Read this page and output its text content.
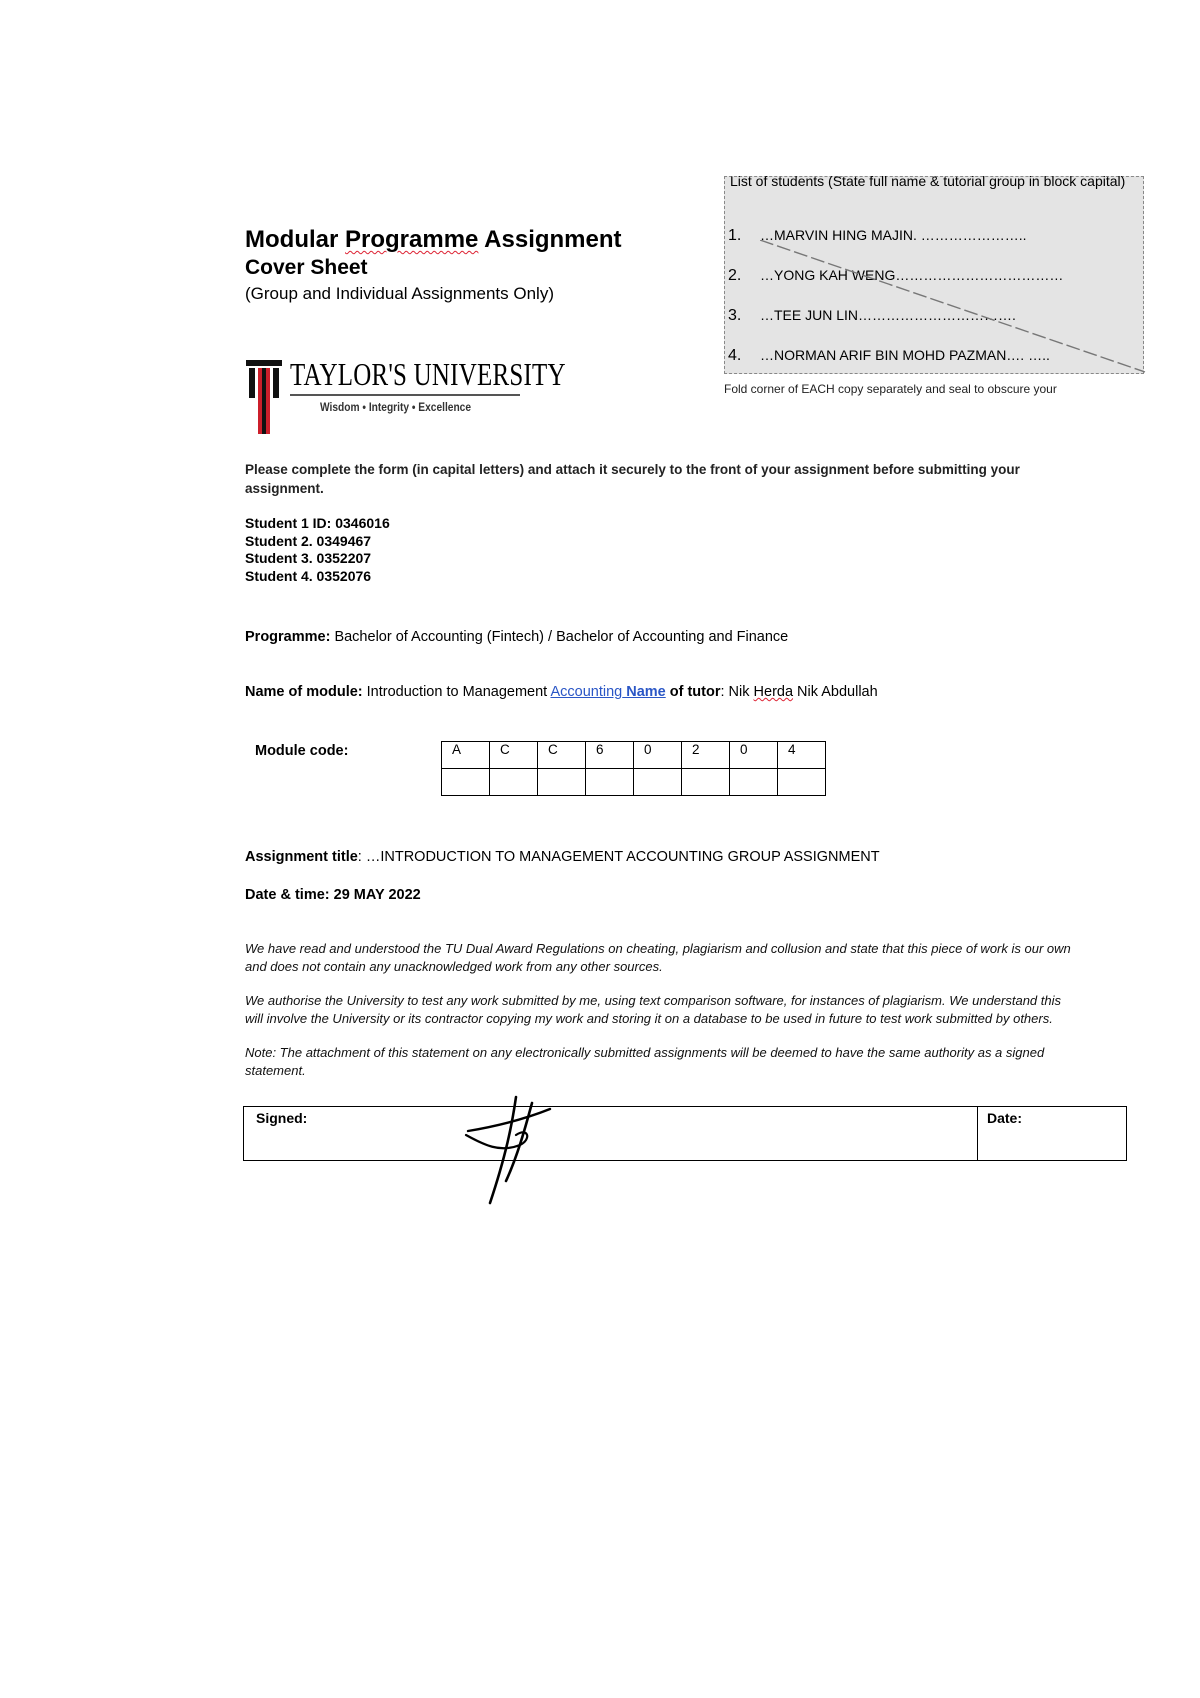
Modular Programme Assignment
Cover Sheet
(Group and Individual Assignments Only)
TAYLOR'S UNIVERSITY
Wisdom • Integrity • Excellence
List of students (State full name & tutorial group in block capital)
1. …MARVIN HING MAJIN. …………………..
2. …YONG KAH WENG………………………………
3. …TEE JUN LIN…………………………….
4. …NORMAN ARIF BIN MOHD PAZMAN…. …..
Fold corner of EACH copy separately and seal to obscure your
Please complete the form (in capital letters) and attach it securely to the front of your assignment before submitting your assignment.
Student 1 ID: 0346016
Student 2. 0349467
Student 3. 0352207
Student 4. 0352076
Programme: Bachelor of Accounting (Fintech) / Bachelor of Accounting and Finance
Name of module: Introduction to Management Accounting Name of tutor: Nik Herda Nik Abdullah
Module code:	A	C	C	6	0	2	0	4

Assignment title: …INTRODUCTION TO MANAGEMENT ACCOUNTING GROUP ASSIGNMENT
Date & time: 29 MAY 2022
We have read and understood the TU Dual Award Regulations on cheating, plagiarism and collusion and state that this piece of work is our own and does not contain any unacknowledged work from any other sources.
We authorise the University to test any work submitted by me, using text comparison software, for instances of plagiarism. We understand this will involve the University or its contractor copying my work and storing it on a database to be used in future to test work submitted by others.
Note: The attachment of this statement on any electronically submitted assignments will be deemed to have the same authority as a signed statement.
Signed:	Date:
